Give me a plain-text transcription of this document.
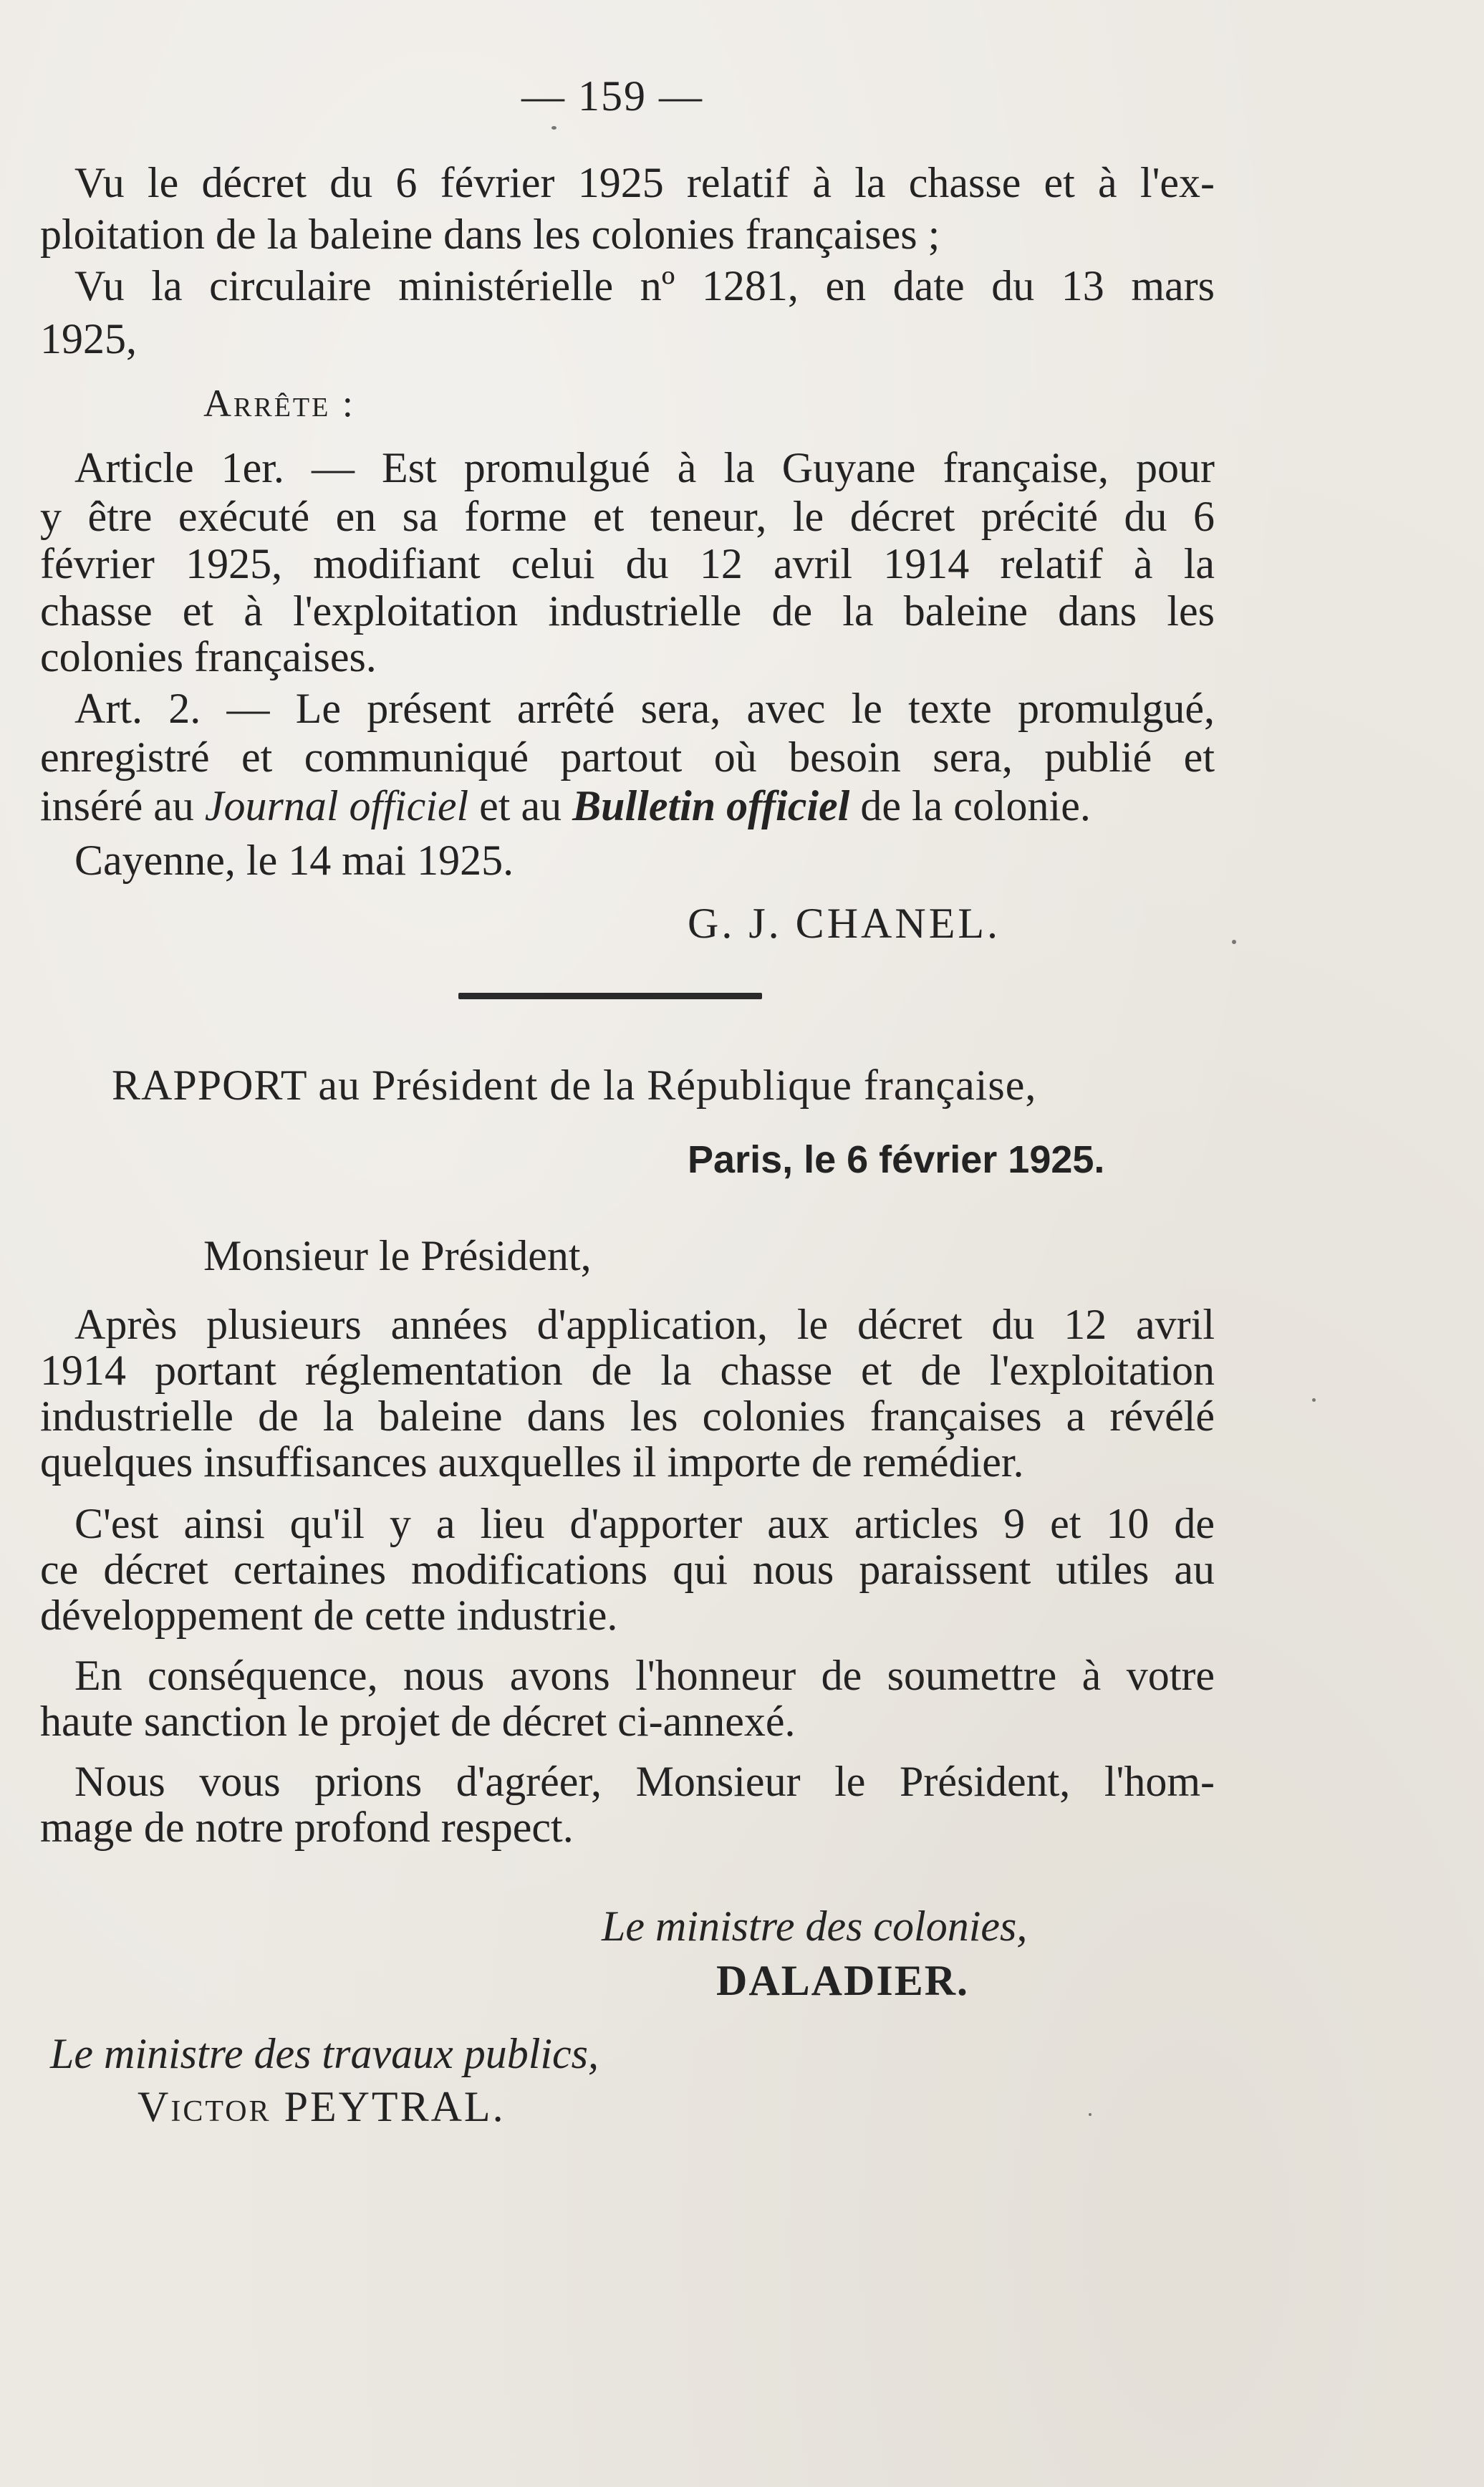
— 159 —
Vu le décret du 6 février 1925 relatif à la chasse et à l'ex-
ploitation de la baleine dans les colonies françaises ;
Vu la circulaire ministérielle nº 1281, en date du 13 mars
1925,
Arrête :
Article 1er. — Est promulgué à la Guyane française, pour
y être exécuté en sa forme et teneur, le décret précité du 6
février 1925, modifiant celui du 12 avril 1914 relatif à la
chasse et à l'exploitation industrielle de la baleine dans les
colonies françaises.
Art. 2. — Le présent arrêté sera, avec le texte promulgué,
enregistré et communiqué partout où besoin sera, publié et
inséré au Journal officiel et au Bulletin officiel de la colonie.
Cayenne, le 14 mai 1925.
G. J. CHANEL.
RAPPORT au Président de la République française,
Paris, le 6 février 1925.
Monsieur le Président,
Après plusieurs années d'application, le décret du 12 avril
1914 portant réglementation de la chasse et de l'exploitation
industrielle de la baleine dans les colonies françaises a révélé
quelques insuffisances auxquelles il importe de remédier.
C'est ainsi qu'il y a lieu d'apporter aux articles 9 et 10 de
ce décret certaines modifications qui nous paraissent utiles au
développement de cette industrie.
En conséquence, nous avons l'honneur de soumettre à votre
haute sanction le projet de décret ci-annexé.
Nous vous prions d'agréer, Monsieur le Président, l'hom-
mage de notre profond respect.
Le ministre des colonies,
DALADIER.
Le ministre des travaux publics,
Victor PEYTRAL.
